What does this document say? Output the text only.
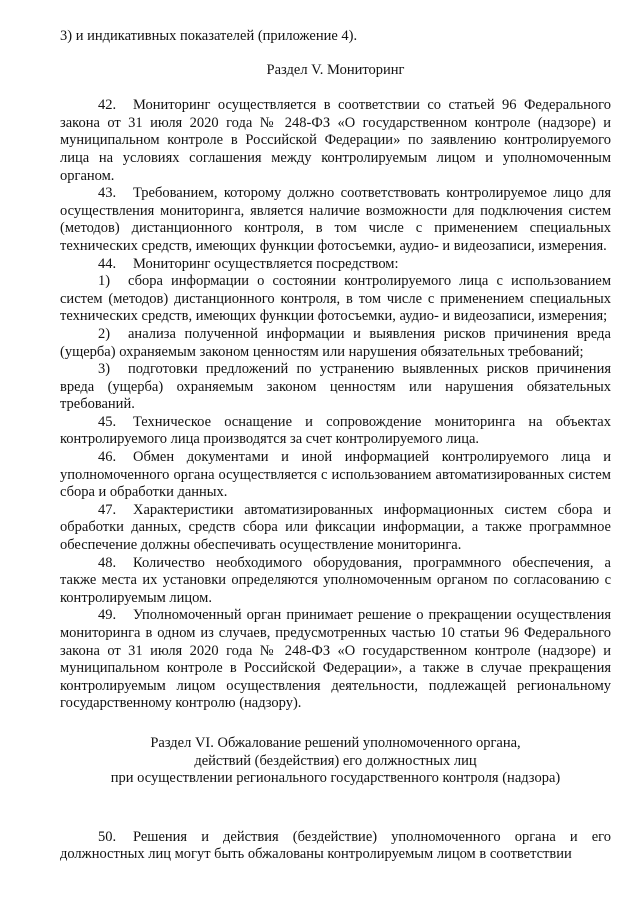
3) и индикативных показателей (приложение 4).

Раздел V. Мониторинг

42. Мониторинг осуществляется в соответствии со статьей 96 Федерального закона от 31 июля 2020 года № 248-ФЗ «О государственном контроле (надзоре) и муниципальном контроле в Российской Федерации» по заявлению контролируемого лица на условиях соглашения между контролируемым лицом и уполномоченным органом.

43. Требованием, которому должно соответствовать контролируемое лицо для осуществления мониторинга, является наличие возможности для подключения систем (методов) дистанционного контроля, в том числе с применением специальных технических средств, имеющих функции фотосъемки, аудио- и видеозаписи, измерения.

44. Мониторинг осуществляется посредством:

1) сбора информации о состоянии контролируемого лица с использованием систем (методов) дистанционного контроля, в том числе с применением специальных технических средств, имеющих функции фотосъемки, аудио- и видеозаписи, измерения;

2) анализа полученной информации и выявления рисков причинения вреда (ущерба) охраняемым законом ценностям или нарушения обязательных требований;

3) подготовки предложений по устранению выявленных рисков причинения вреда (ущерба) охраняемым законом ценностям или нарушения обязательных требований.

45. Техническое оснащение и сопровождение мониторинга на объектах контролируемого лица производятся за счет контролируемого лица.

46. Обмен документами и иной информацией контролируемого лица и уполномоченного органа осуществляется с использованием автоматизированных систем сбора и обработки данных.

47. Характеристики автоматизированных информационных систем сбора и обработки данных, средств сбора или фиксации информации, а также программное обеспечение должны обеспечивать осуществление мониторинга.

48. Количество необходимого оборудования, программного обеспечения, а также места их установки определяются уполномоченным органом по согласованию с контролируемым лицом.

49. Уполномоченный орган принимает решение о прекращении осуществления мониторинга в одном из случаев, предусмотренных частью 10 статьи 96 Федерального закона от 31 июля 2020 года № 248-ФЗ «О государственном контроле (надзоре) и муниципальном контроле в Российской Федерации», а также в случае прекращения контролируемым лицом осуществления деятельности, подлежащей региональному государственному контролю (надзору).

Раздел VI. Обжалование решений уполномоченного органа,
действий (бездействия) его должностных лиц
при осуществлении регионального государственного контроля (надзора)

50. Решения и действия (бездействие) уполномоченного органа и его должностных лиц могут быть обжалованы контролируемым лицом в соответствии
